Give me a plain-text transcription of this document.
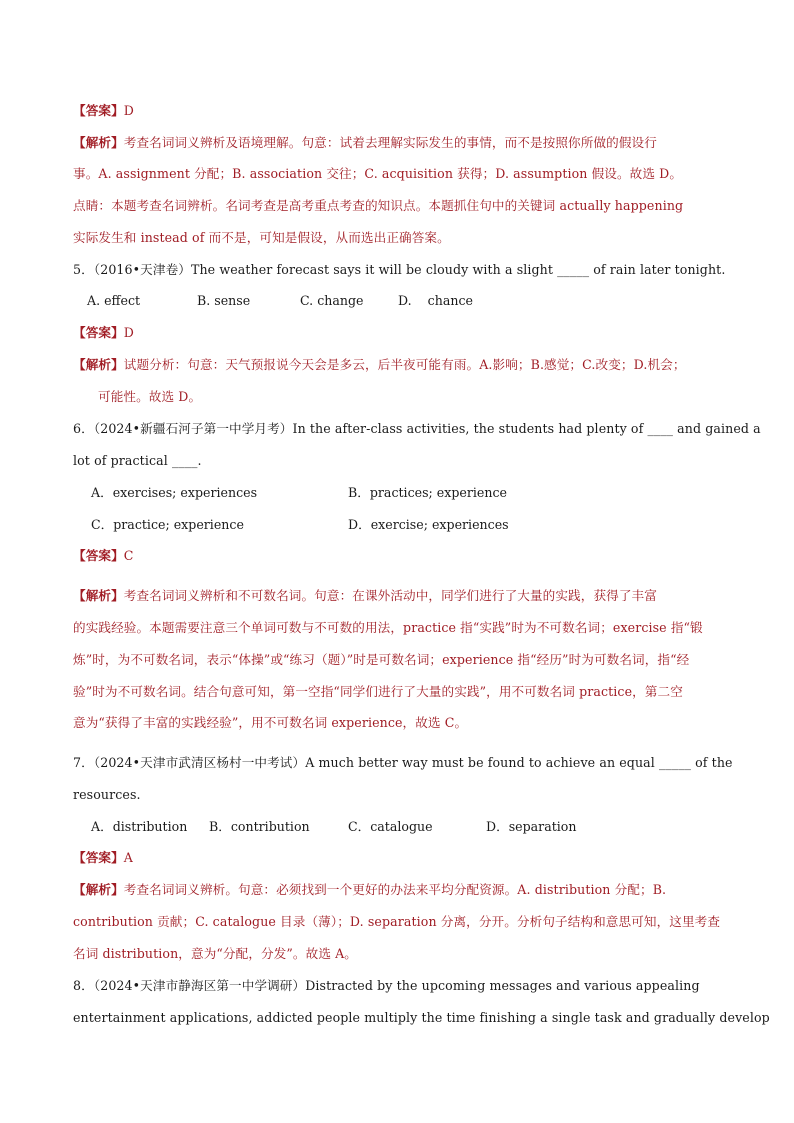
【答案】D
【解析】考查名词词义辨析及语境理解。句意：试着去理解实际发生的事情，而不是按照你所做的假设行
事。A. assignment 分配；B. association 交往；C. acquisition 获得；D. assumption 假设。故选 D。
点睛：本题考查名词辨析。名词考查是高考重点考查的知识点。本题抓住句中的关键词 actually happening
实际发生和 instead of 而不是，可知是假设，从而选出正确答案。
5．（2016•天津卷）The weather forecast says it will be cloudy with a slight _____ of rain later tonight.
A. effect	B. sense	C. change	D.    chance
【答案】D
【解析】试题分析：句意：天气预报说今天会是多云，后半夜可能有雨。A.影响；B.感觉；C.改变；D.机会；
可能性。故选 D。
6．（2024•新疆石河子第一中学月考）In the after-class activities, the students had plenty of ____ and gained a
lot of practical ____.
A．exercises; experiences	B．practices; experience
C．practice; experience	D．exercise; experiences
【答案】C
【解析】考查名词词义辨析和不可数名词。句意：在课外活动中，同学们进行了大量的实践，获得了丰富
的实践经验。本题需要注意三个单词可数与不可数的用法，practice 指“实践”时为不可数名词；exercise 指“锻
炼”时，为不可数名词，表示“体操”或“练习（题）”时是可数名词；experience 指“经历”时为可数名词，指“经
验”时为不可数名词。结合句意可知，第一空指“同学们进行了大量的实践”，用不可数名词 practice，第二空
意为“获得了丰富的实践经验”，用不可数名词 experience，故选 C。
7．（2024•天津市武清区杨村一中考试）A much better way must be found to achieve an equal _____ of the
resources.
A．distribution B．contribution	C．catalogue	D．separation
【答案】A
【解析】考查名词词义辨析。句意：必须找到一个更好的办法来平均分配资源。A. distribution 分配；B.
contribution 贡献；C. catalogue 目录（薄）；D. separation 分离，分开。分析句子结构和意思可知，这里考查
名词 distribution，意为“分配，分发”。故选 A。
8．（2024•天津市静海区第一中学调研）Distracted by the upcoming messages and various appealing
entertainment applications, addicted people multiply the time finishing a single task and gradually develop
